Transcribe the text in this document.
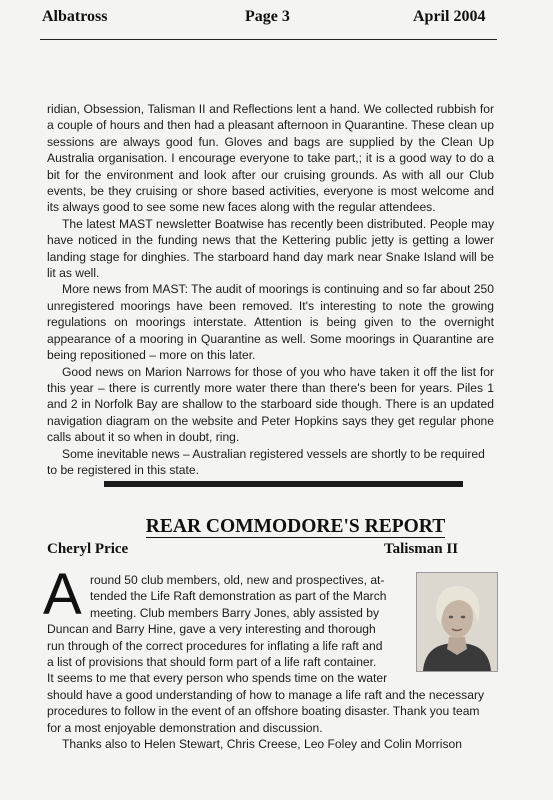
Albatross	Page 3	April 2004

ridian, Obsession, Talisman II and Reflections lent a hand. We collected rubbish for a couple of hours and then had a pleasant afternoon in Quarantine. These clean up sessions are always good fun. Gloves and bags are supplied by the Clean Up Australia organisation. I encourage everyone to take part,; it is a good way to do a bit for the environment and look after our cruising grounds. As with all our Club events, be they cruising or shore based activities, everyone is most welcome and its always good to see some new faces along with the regular attendees.

The latest MAST newsletter Boatwise has recently been distributed. People may have noticed in the funding news that the Kettering public jetty is getting a lower landing stage for dinghies. The starboard hand day mark near Snake Island will be lit as well.

More news from MAST: The audit of moorings is continuing and so far about 250 unregistered moorings have been removed. It's interesting to note the growing regulations on moorings interstate. Attention is being given to the overnight appearance of a mooring in Quarantine as well. Some moorings in Quarantine are being repositioned – more on this later.

Good news on Marion Narrows for those of you who have taken it off the list for this year – there is currently more water there than there's been for years. Piles 1 and 2 in Norfolk Bay are shallow to the starboard side though. There is an updated navigation diagram on the website and Peter Hopkins says they get regular phone calls about it so when in doubt, ring.

Some inevitable news – Australian registered vessels are shortly to be required to be registered in this state.

REAR COMMODORE'S REPORT
Cheryl Price	Talisman II
A round 50 club members, old, new and prospectives, at-
tended the Life Raft demonstration as part of the March
meeting. Club members Barry Jones, ably assisted by
Duncan and Barry Hine, gave a very interesting and thorough
run through of the correct procedures for inflating a life raft and
a list of provisions that should form part of a life raft container.
It seems to me that every person who spends time on the water
should have a good understanding of how to manage a life raft and the necessary
procedures to follow in the event of an offshore boating disaster. Thank you team
for a most enjoyable demonstration and discussion.
Thanks also to Helen Stewart, Chris Creese, Leo Foley and Colin Morrison
